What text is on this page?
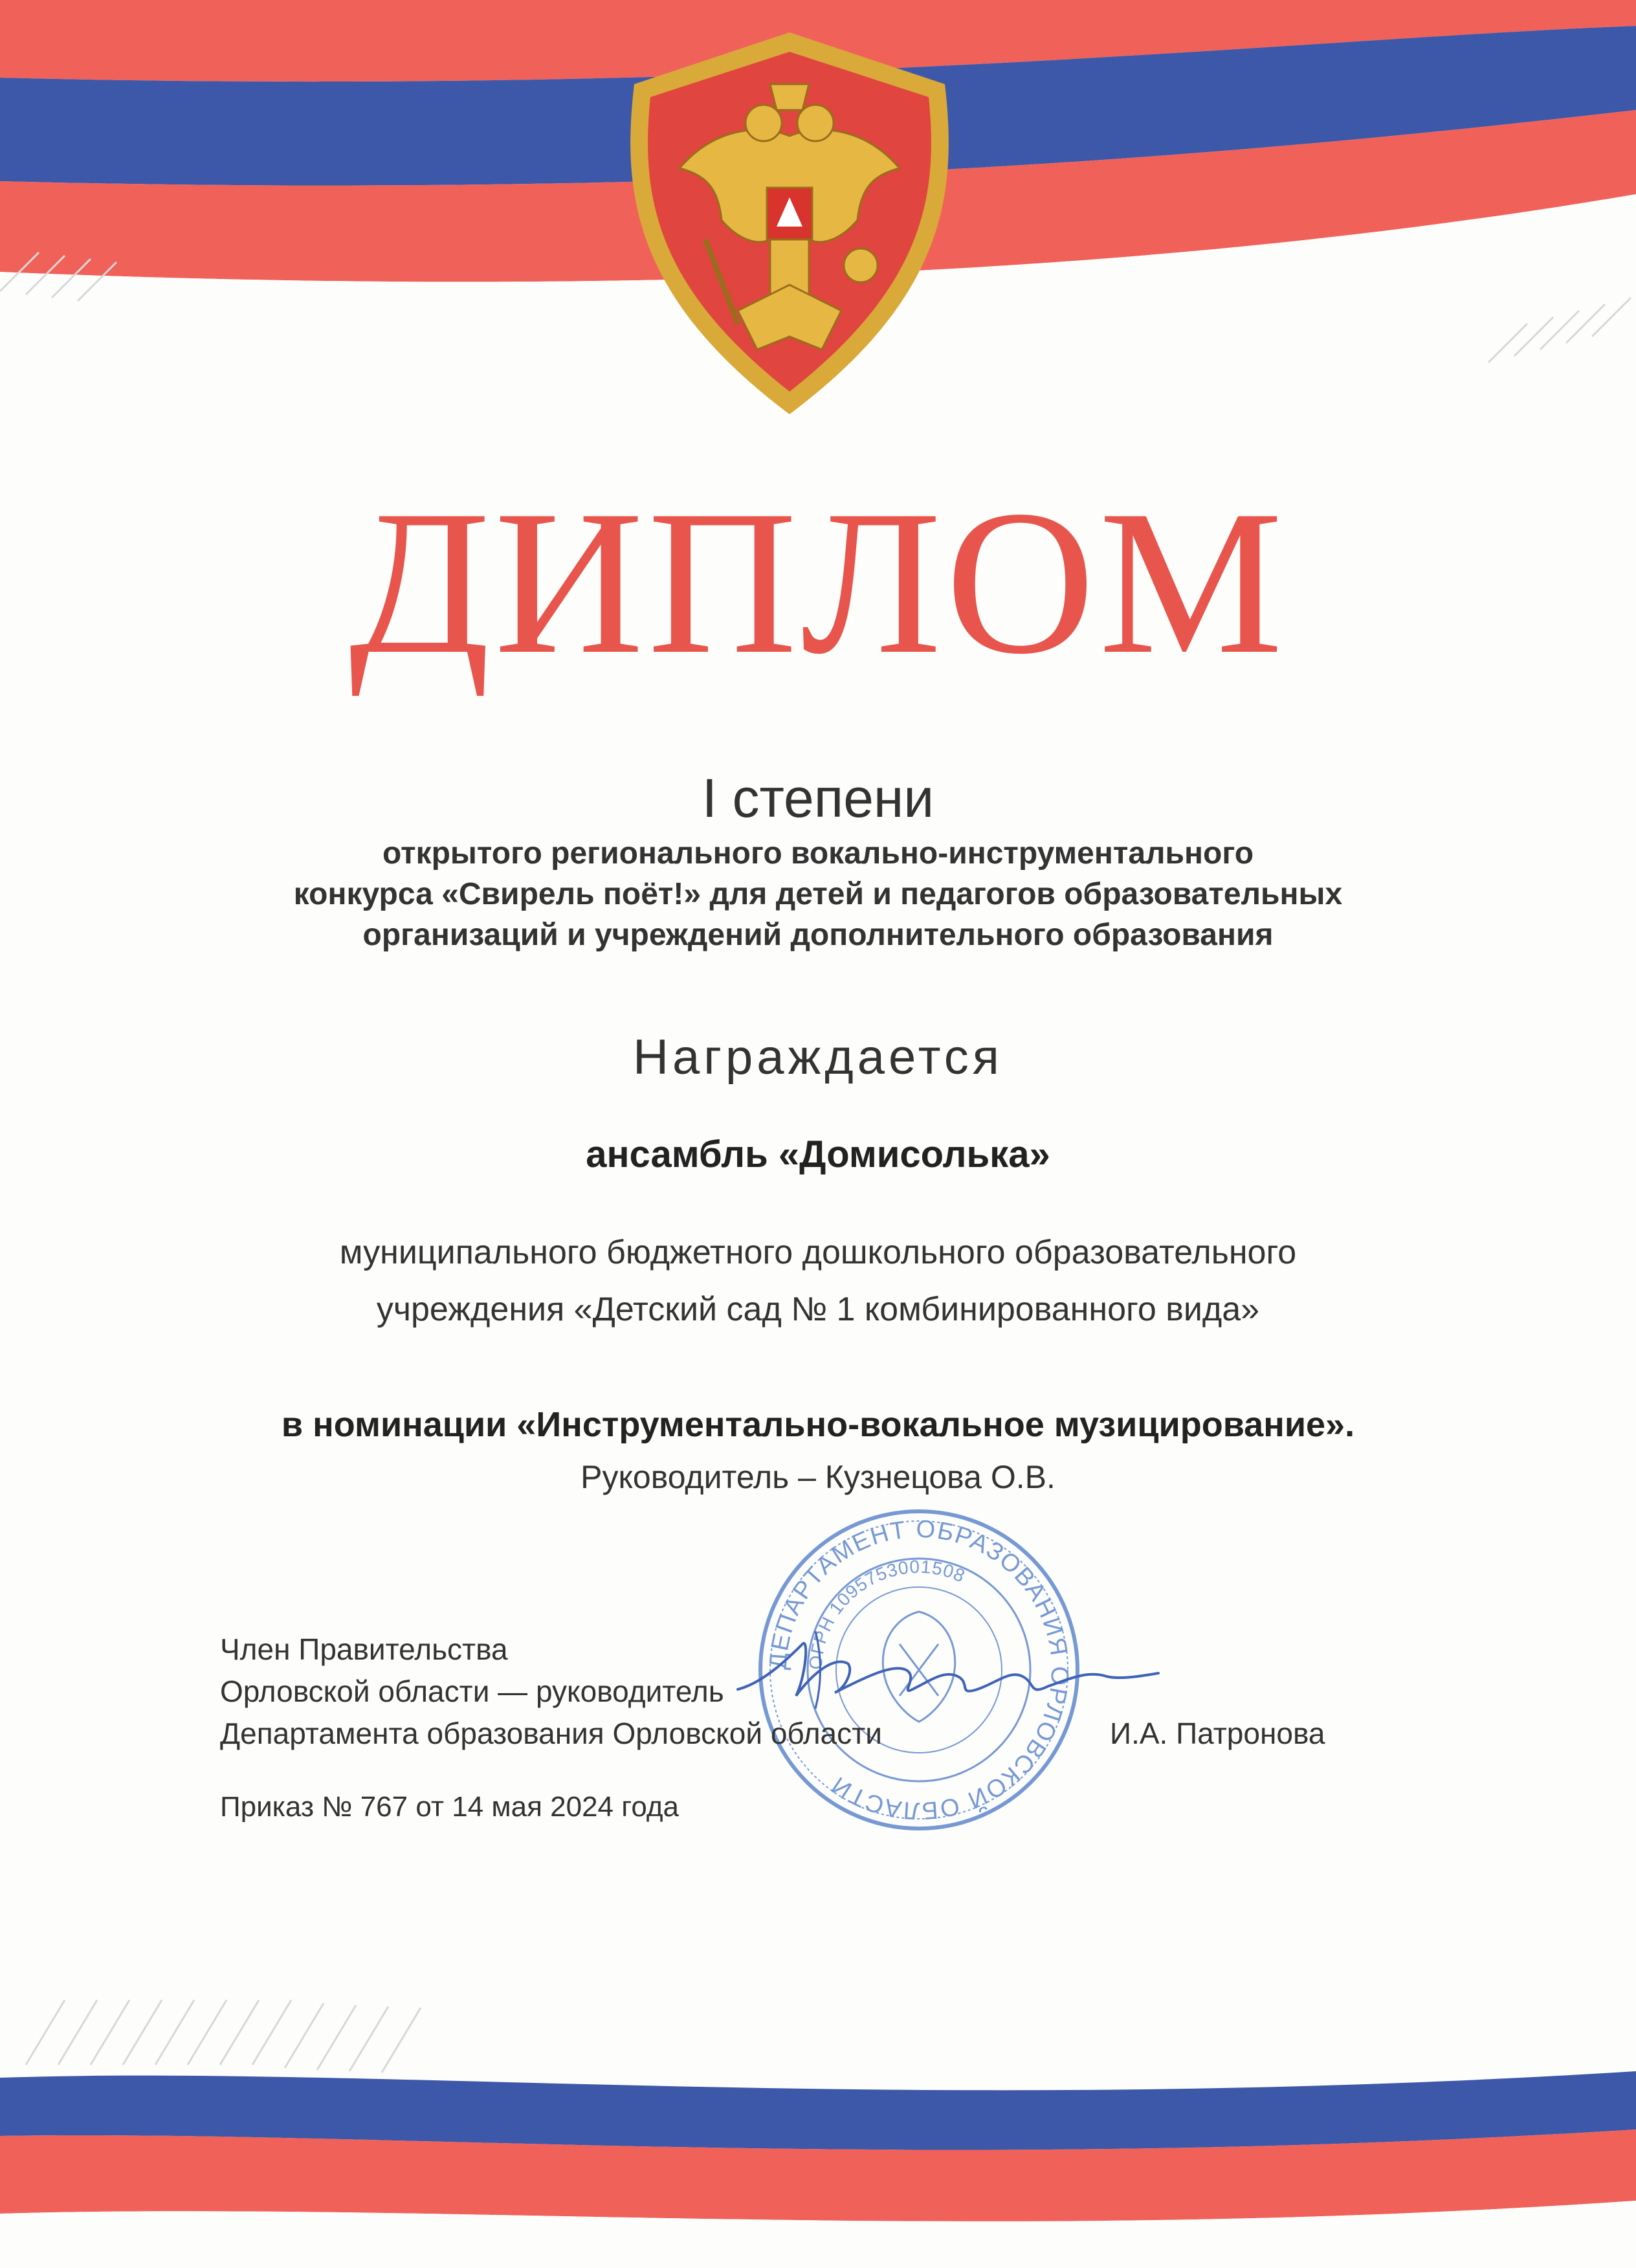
ДИПЛОМ
I степени
открытого регионального вокально-инструментального
конкурса «Свирель поёт!» для детей и педагогов образовательных
организаций и учреждений дополнительного образования
Награждается
ансамбль «Домисолька»
муниципального бюджетного дошкольного образовательного
учреждения «Детский сад № 1 комбинированного вида»
в номинации «Инструментально-вокальное музицирование».
Руководитель – Кузнецова О.В.
ДЕПАРТАМЕНТ ОБРАЗОВАНИЯ ОРЛОВСКОЙ ОБЛАСТИ
ОГРН 1095753001508
Член Правительства
Орловской области — руководитель
Департамента образования Орловской области	И.А. Патронова
Приказ № 767 от 14 мая 2024 года
